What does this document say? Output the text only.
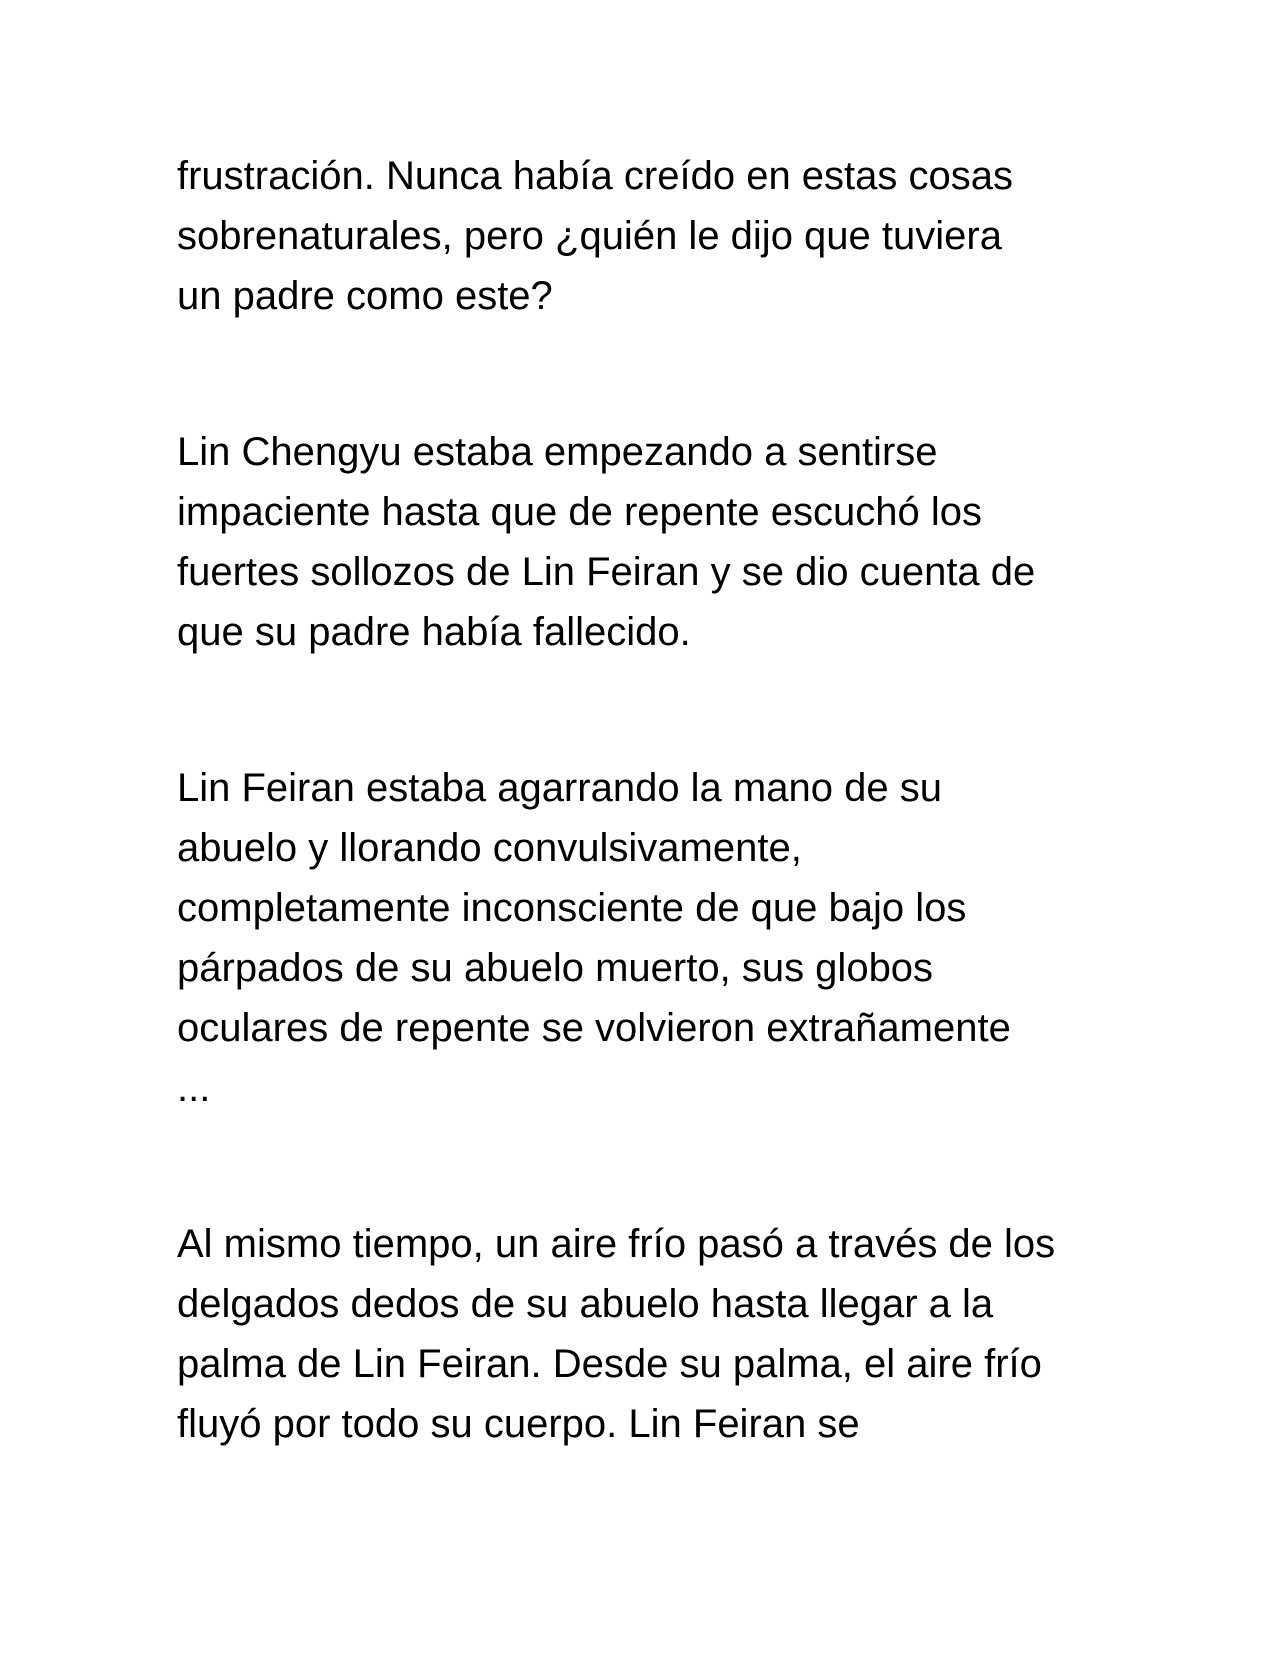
frustración. Nunca había creído en estas cosas
sobrenaturales, pero ¿quién le dijo que tuviera
un padre como este?

Lin Chengyu estaba empezando a sentirse
impaciente hasta que de repente escuchó los
fuertes sollozos de Lin Feiran y se dio cuenta de
que su padre había fallecido.

Lin Feiran estaba agarrando la mano de su
abuelo y llorando convulsivamente,
completamente inconsciente de que bajo los
párpados de su abuelo muerto, sus globos
oculares de repente se volvieron extrañamente
...

Al mismo tiempo, un aire frío pasó a través de los
delgados dedos de su abuelo hasta llegar a la
palma de Lin Feiran. Desde su palma, el aire frío
fluyó por todo su cuerpo. Lin Feiran se
